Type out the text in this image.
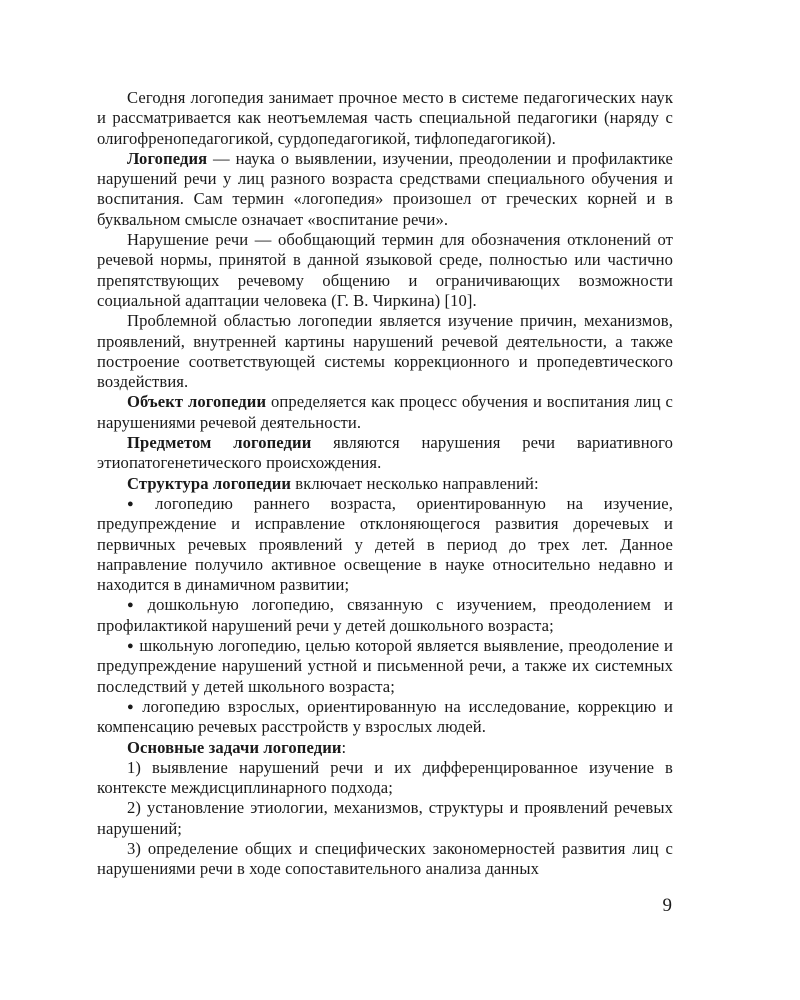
Сегодня логопедия занимает прочное место в системе педагогических наук и рассматривается как неотъемлемая часть специальной педагогики (наряду с олигофренопедагогикой, сурдопедагогикой, тифлопедагогикой).

Логопедия — наука о выявлении, изучении, преодолении и профилактике нарушений речи у лиц разного возраста средствами специального обучения и воспитания. Сам термин «логопедия» произошел от греческих корней и в буквальном смысле означает «воспитание речи».

Нарушение речи — обобщающий термин для обозначения отклонений от речевой нормы, принятой в данной языковой среде, полностью или частично препятствующих речевому общению и ограничивающих возможности социальной адаптации человека (Г. В. Чиркина) [10].

Проблемной областью логопедии является изучение причин, механизмов, проявлений, внутренней картины нарушений речевой деятельности, а также построение соответствующей системы коррекционного и пропедевтического воздействия.

Объект логопедии определяется как процесс обучения и воспитания лиц с нарушениями речевой деятельности.

Предметом логопедии являются нарушения речи вариативного этиопатогенетического происхождения.

Структура логопедии включает несколько направлений:

● логопедию раннего возраста, ориентированную на изучение, предупреждение и исправление отклоняющегося развития доречевых и первичных речевых проявлений у детей в период до трех лет. Данное направление получило активное освещение в науке относительно недавно и находится в динамичном развитии;

● дошкольную логопедию, связанную с изучением, преодолением и профилактикой нарушений речи у детей дошкольного возраста;

● школьную логопедию, целью которой является выявление, преодоление и предупреждение нарушений устной и письменной речи, а также их системных последствий у детей школьного возраста;

● логопедию взрослых, ориентированную на исследование, коррекцию и компенсацию речевых расстройств у взрослых людей.

Основные задачи логопедии:

1) выявление нарушений речи и их дифференцированное изучение в контексте междисциплинарного подхода;

2) установление этиологии, механизмов, структуры и проявлений речевых нарушений;

3) определение общих и специфических закономерностей развития лиц с нарушениями речи в ходе сопоставительного анализа данных

9
